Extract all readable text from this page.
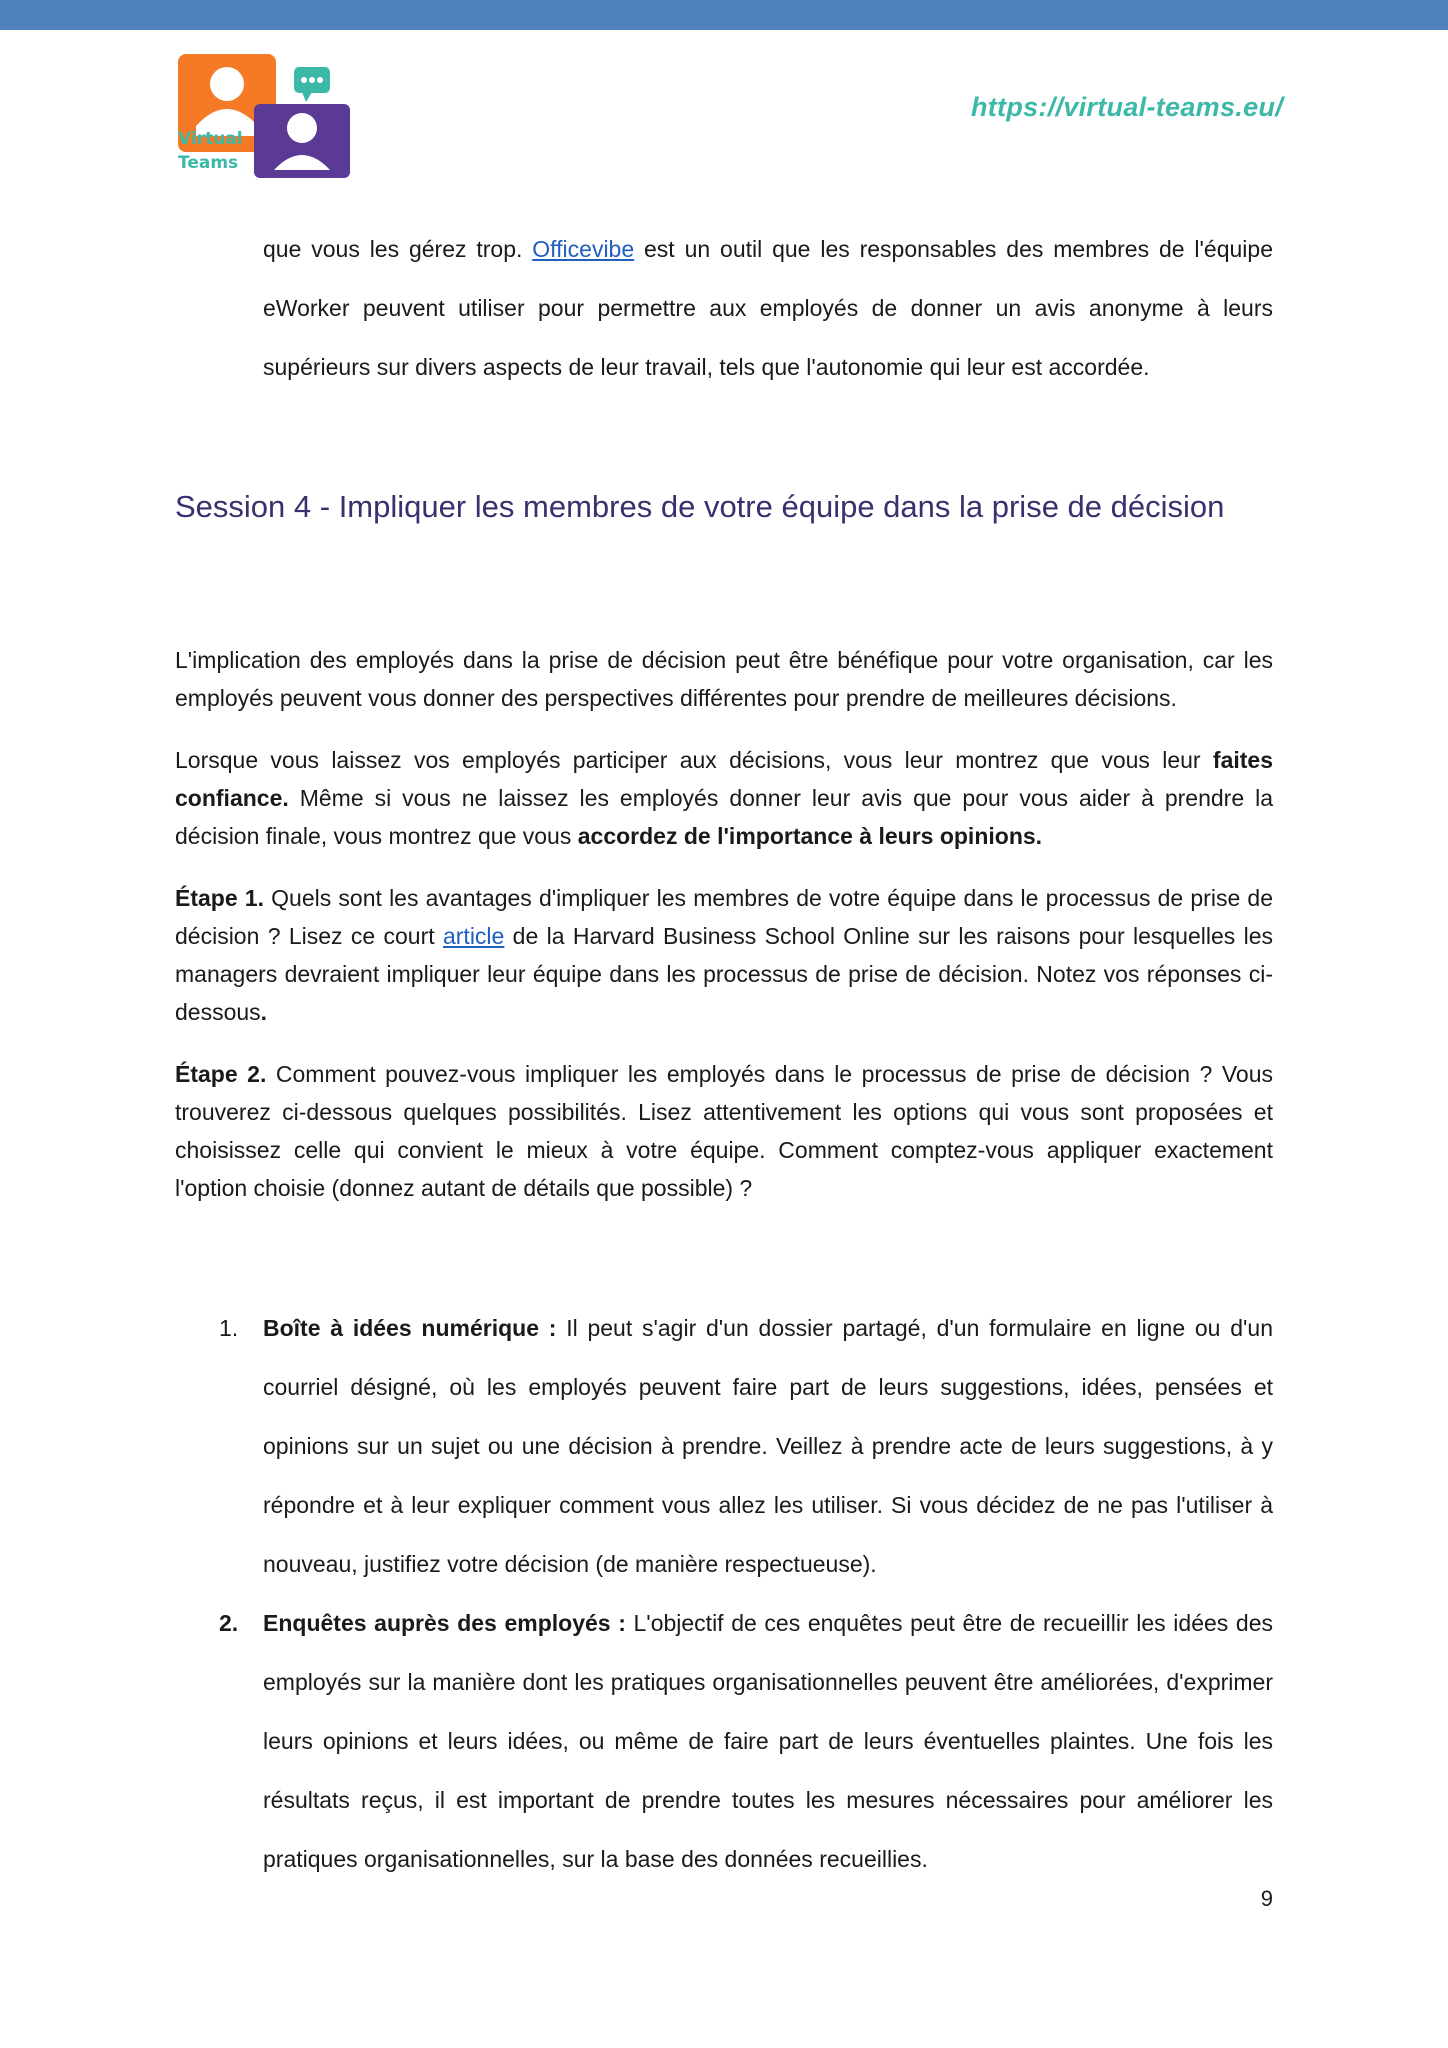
Virtual
Teams
https://virtual-teams.eu/

que vous les gérez trop. Officevibe est un outil que les responsables des membres de l'équipe eWorker peuvent utiliser pour permettre aux employés de donner un avis anonyme à leurs supérieurs sur divers aspects de leur travail, tels que l'autonomie qui leur est accordée.

Session 4 - Impliquer les membres de votre équipe dans la prise de décision

L'implication des employés dans la prise de décision peut être bénéfique pour votre organisation, car les employés peuvent vous donner des perspectives différentes pour prendre de meilleures décisions.

Lorsque vous laissez vos employés participer aux décisions, vous leur montrez que vous leur faites confiance. Même si vous ne laissez les employés donner leur avis que pour vous aider à prendre la décision finale, vous montrez que vous accordez de l'importance à leurs opinions.

Étape 1. Quels sont les avantages d'impliquer les membres de votre équipe dans le processus de prise de décision ? Lisez ce court article de la Harvard Business School Online sur les raisons pour lesquelles les managers devraient impliquer leur équipe dans les processus de prise de décision. Notez vos réponses ci-dessous.

Étape 2. Comment pouvez-vous impliquer les employés dans le processus de prise de décision ? Vous trouverez ci-dessous quelques possibilités. Lisez attentivement les options qui vous sont proposées et choisissez celle qui convient le mieux à votre équipe. Comment comptez-vous appliquer exactement l'option choisie (donnez autant de détails que possible) ?

1. Boîte à idées numérique : Il peut s'agir d'un dossier partagé, d'un formulaire en ligne ou d'un courriel désigné, où les employés peuvent faire part de leurs suggestions, idées, pensées et opinions sur un sujet ou une décision à prendre. Veillez à prendre acte de leurs suggestions, à y répondre et à leur expliquer comment vous allez les utiliser. Si vous décidez de ne pas l'utiliser à nouveau, justifiez votre décision (de manière respectueuse).
2. Enquêtes auprès des employés : L'objectif de ces enquêtes peut être de recueillir les idées des employés sur la manière dont les pratiques organisationnelles peuvent être améliorées, d'exprimer leurs opinions et leurs idées, ou même de faire part de leurs éventuelles plaintes. Une fois les résultats reçus, il est important de prendre toutes les mesures nécessaires pour améliorer les pratiques organisationnelles, sur la base des données recueillies.
9
